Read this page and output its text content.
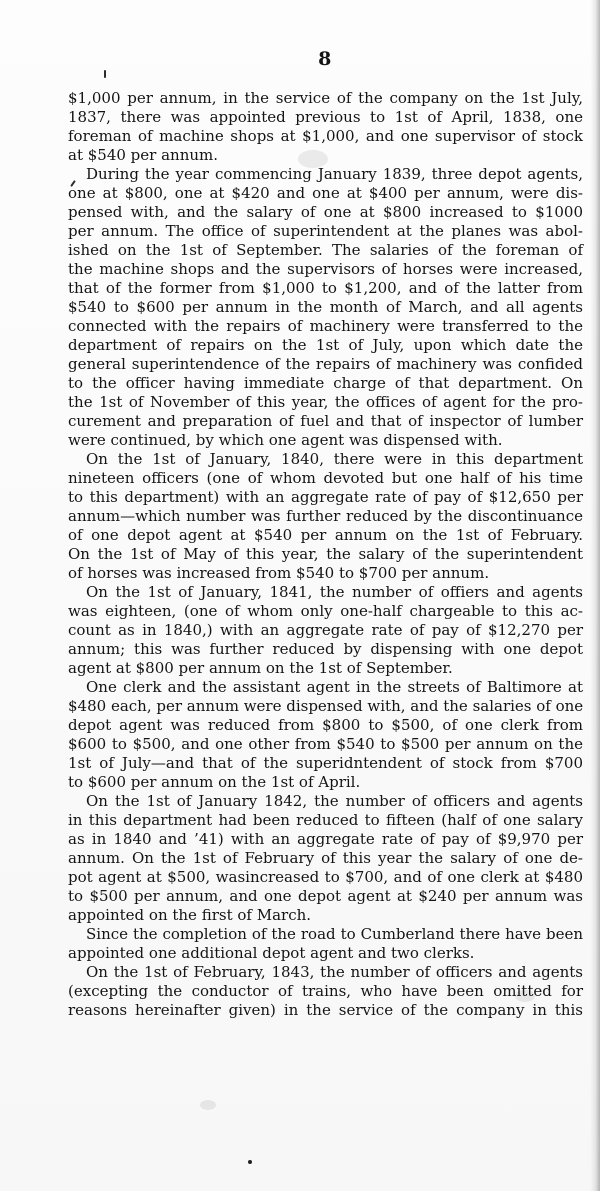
8
$1,000 per annum, in the service of the company on the 1st July,
1837, there was appointed previous to 1st of April, 1838, one
foreman of machine shops at $1,000, and one supervisor of stock
at $540 per annum.
During the year commencing January 1839, three depot agents,
one at $800, one at $420 and one at $400 per annum, were dis-
pensed with, and the salary of one at $800 increased to $1000
per annum. The office of superintendent at the planes was abol-
ished on the 1st of September. The salaries of the foreman of
the machine shops and the supervisors of horses were increased,
that of the former from $1,000 to $1,200, and of the latter from
$540 to $600 per annum in the month of March, and all agents
connected with the repairs of machinery were transferred to the
department of repairs on the 1st of July, upon which date the
general superintendence of the repairs of machinery was confided
to the officer having immediate charge of that department. On
the 1st of November of this year, the offices of agent for the pro-
curement and preparation of fuel and that of inspector of lumber
were continued, by which one agent was dispensed with.
On the 1st of January, 1840, there were in this department
nineteen officers (one of whom devoted but one half of his time
to this department) with an aggregate rate of pay of $12,650 per
annum—which number was further reduced by the discontinuance
of one depot agent at $540 per annum on the 1st of February.
On the 1st of May of this year, the salary of the superintendent
of horses was increased from $540 to $700 per annum.
On the 1st of January, 1841, the number of offiers and agents
was eighteen, (one of whom only one-half chargeable to this ac-
count as in 1840,) with an aggregate rate of pay of $12,270 per
annum; this was further reduced by dispensing with one depot
agent at $800 per annum on the 1st of September.
One clerk and the assistant agent in the streets of Baltimore at
$480 each, per annum were dispensed with, and the salaries of one
depot agent was reduced from $800 to $500, of one clerk from
$600 to $500, and one other from $540 to $500 per annum on the
1st of July—and that of the superidntendent of stock from $700
to $600 per annum on the 1st of April.
On the 1st of January 1842, the number of officers and agents
in this department had been reduced to fifteen (half of one salary
as in 1840 and ’41) with an aggregate rate of pay of $9,970 per
annum. On the 1st of February of this year the salary of one de-
pot agent at $500, wasincreased to $700, and of one clerk at $480
to $500 per annum, and one depot agent at $240 per annum was
appointed on the first of March.
Since the completion of the road to Cumberland there have been
appointed one additional depot agent and two clerks.
On the 1st of February, 1843, the number of officers and agents
(excepting the conductor of trains, who have been omitted for
reasons hereinafter given) in the service of the company in this
